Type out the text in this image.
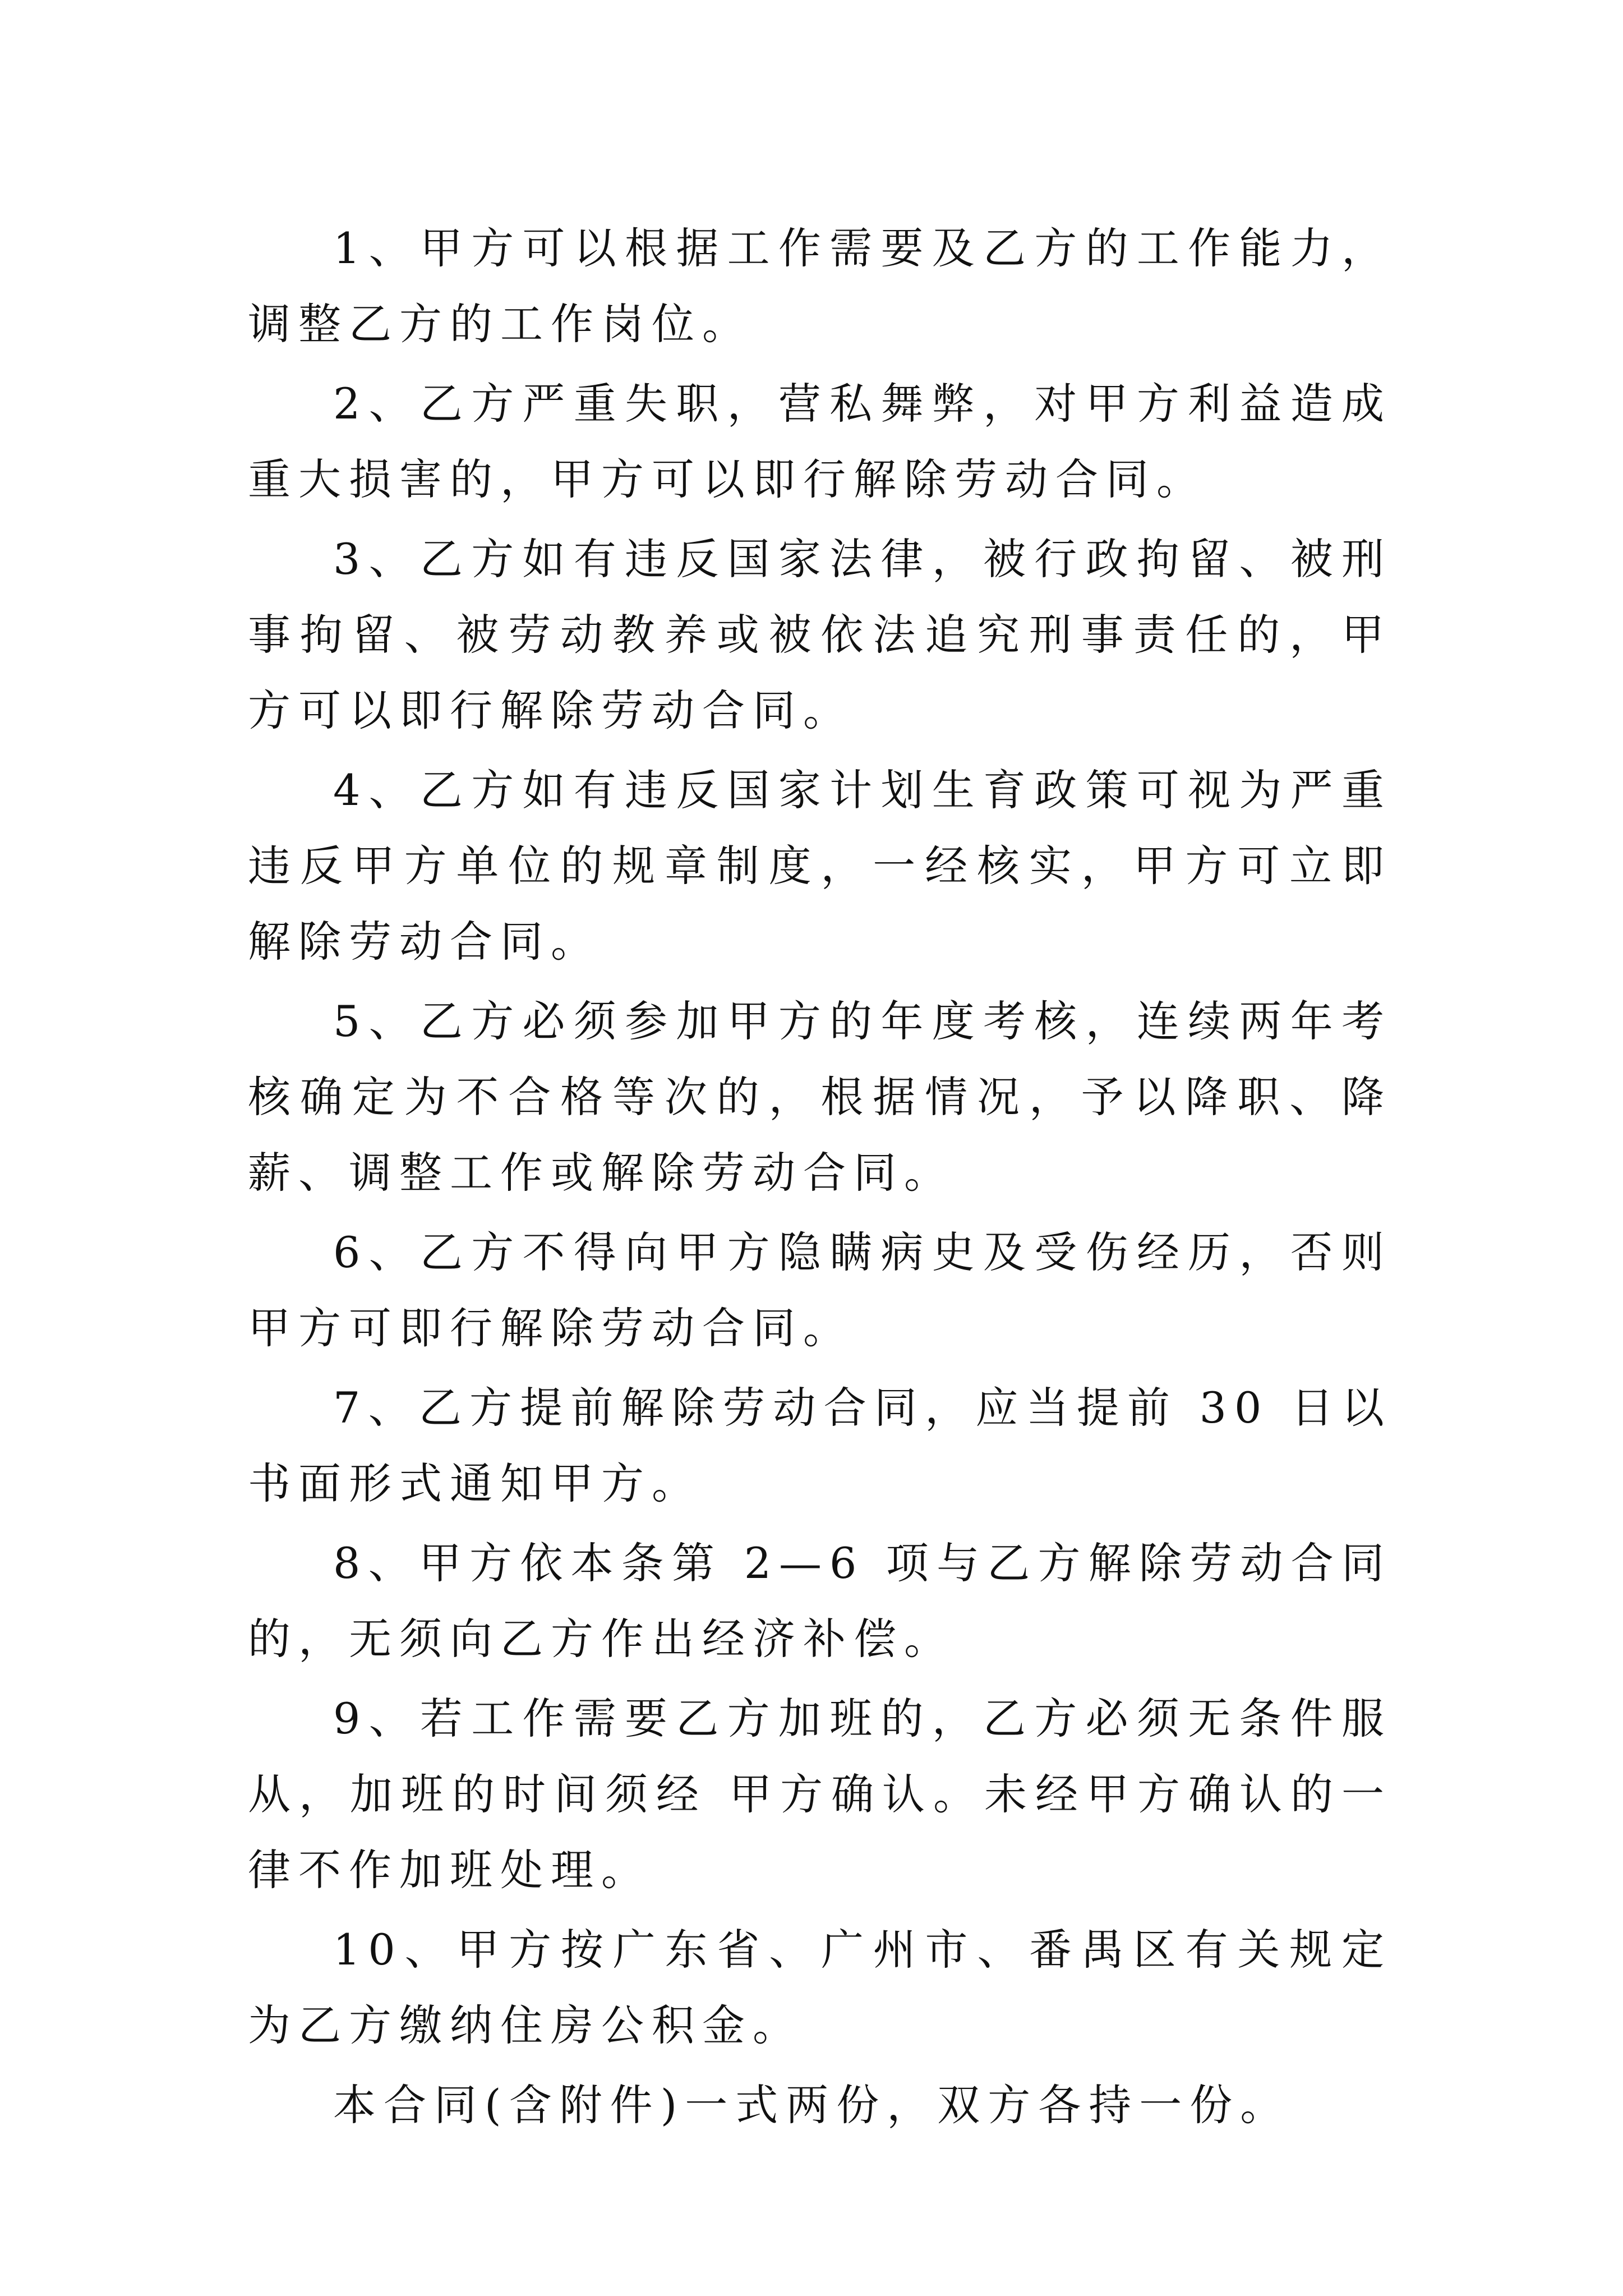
1、甲方可以根据工作需要及乙方的工作能力，调整乙方的工作岗位。

2、乙方严重失职，营私舞弊，对甲方利益造成重大损害的，甲方可以即行解除劳动合同。

3、乙方如有违反国家法律，被行政拘留、被刑事拘留、被劳动教养或被依法追究刑事责任的，甲方可以即行解除劳动合同。

4、乙方如有违反国家计划生育政策可视为严重违反甲方单位的规章制度，一经核实，甲方可立即解除劳动合同。

5、乙方必须参加甲方的年度考核，连续两年考核确定为不合格等次的，根据情况，予以降职、降薪、调整工作或解除劳动合同。

6、乙方不得向甲方隐瞒病史及受伤经历，否则甲方可即行解除劳动合同。

7、乙方提前解除劳动合同，应当提前 30 日以书面形式通知甲方。

8、甲方依本条第 2—6 项与乙方解除劳动合同的，无须向乙方作出经济补偿。

9、若工作需要乙方加班的，乙方必须无条件服从，加班的时间须经 甲方确认。未经甲方确认的一律不作加班处理。

10、甲方按广东省、广州市、番禺区有关规定为乙方缴纳住房公积金。

本合同(含附件)一式两份，双方各持一份。
